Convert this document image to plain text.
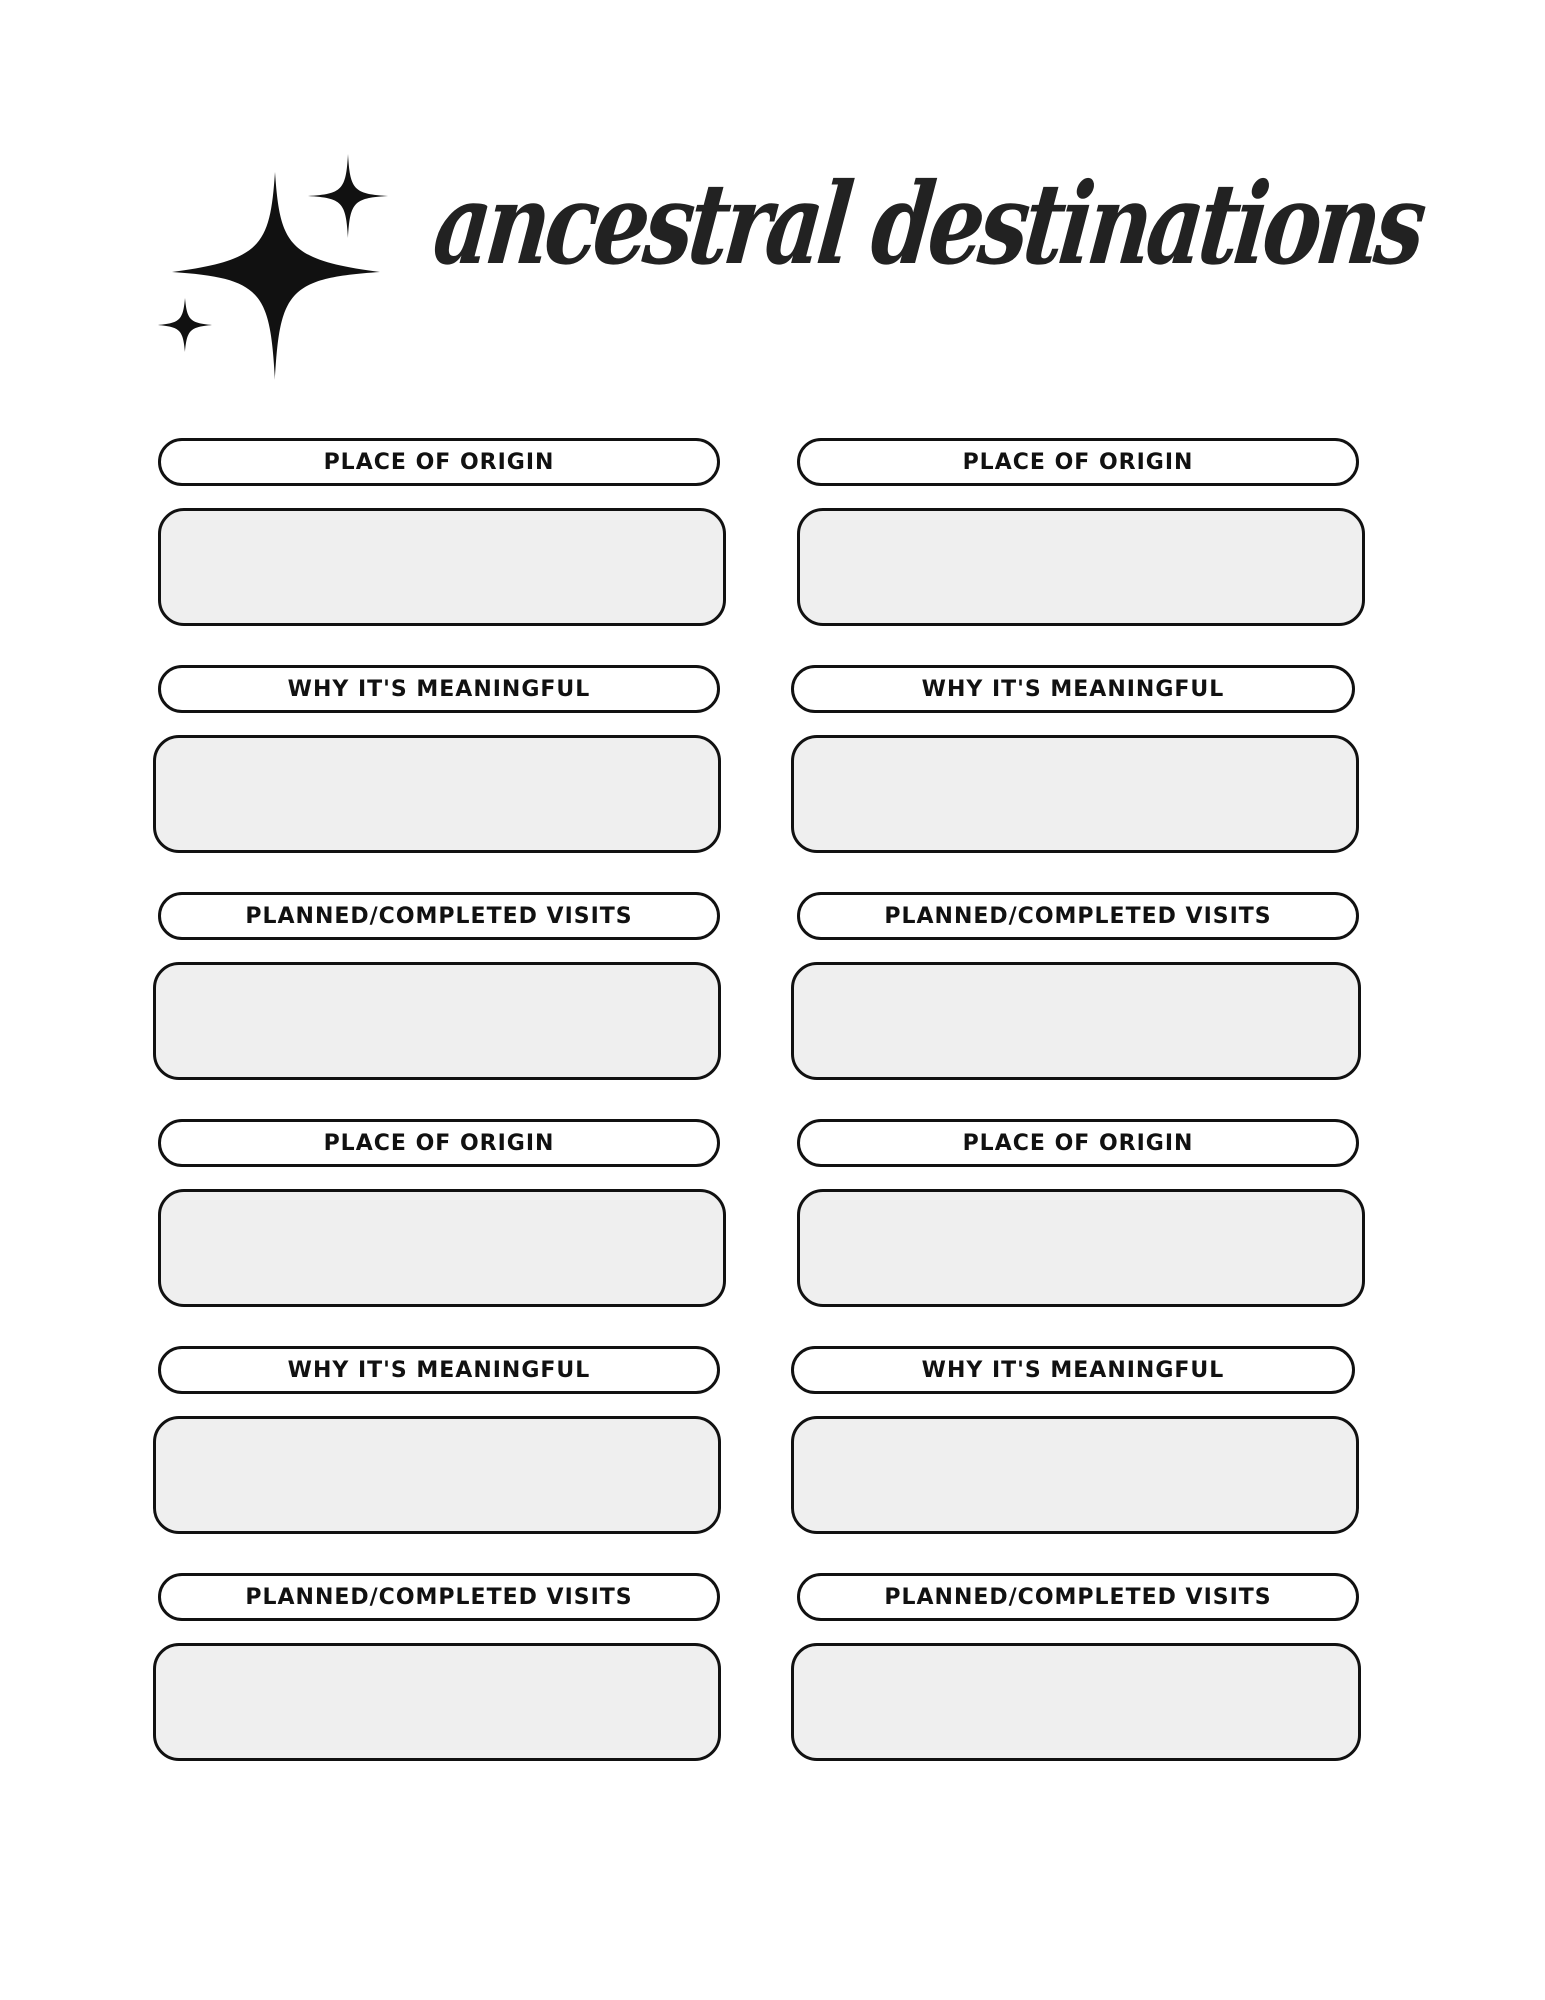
ancestral destinations
PLACE OF ORIGIN
WHY IT'S MEANINGFUL
PLANNED/COMPLETED VISITS
PLACE OF ORIGIN
WHY IT'S MEANINGFUL
PLANNED/COMPLETED VISITS
PLACE OF ORIGIN
WHY IT'S MEANINGFUL
PLANNED/COMPLETED VISITS
PLACE OF ORIGIN
WHY IT'S MEANINGFUL
PLANNED/COMPLETED VISITS
